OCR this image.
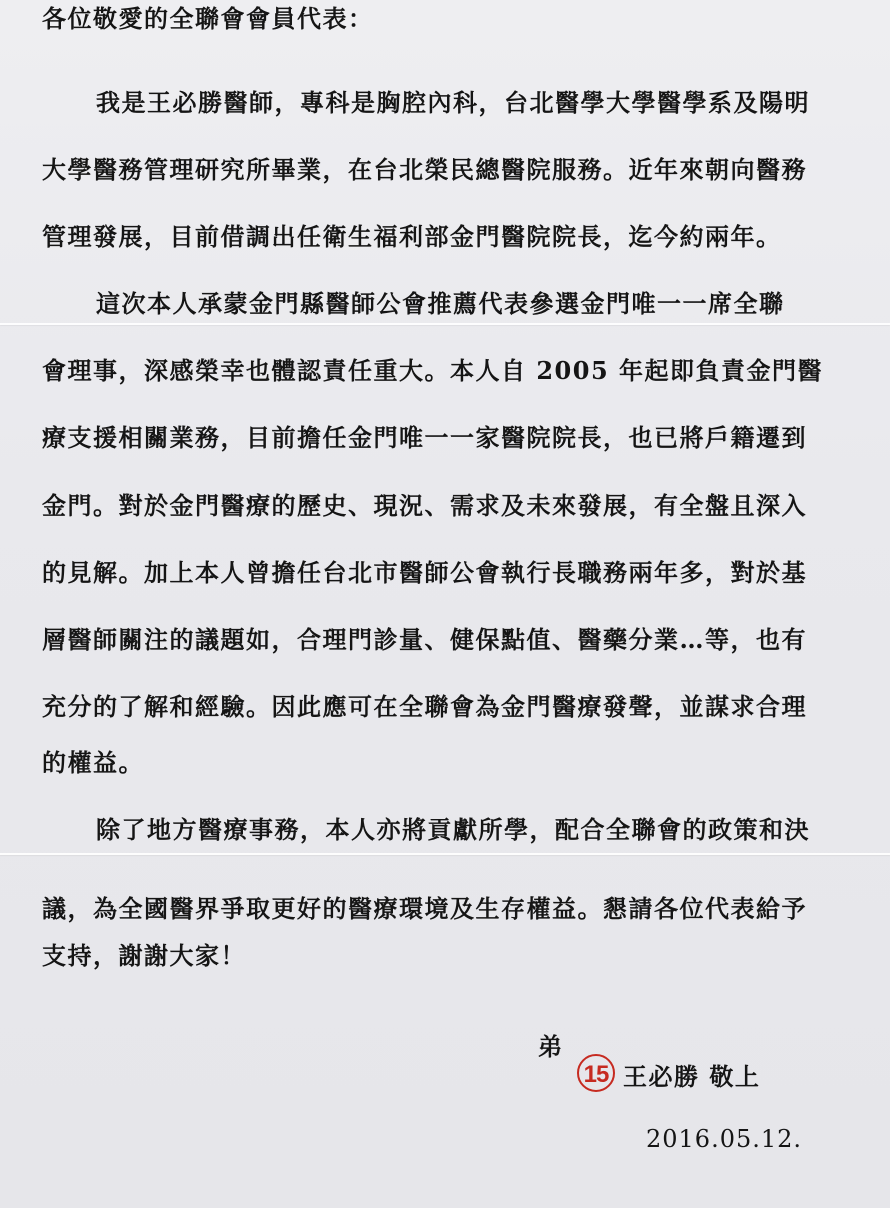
各位敬愛的全聯會會員代表：
我是王必勝醫師，專科是胸腔內科，台北醫學大學醫學系及陽明
大學醫務管理研究所畢業，在台北榮民總醫院服務。近年來朝向醫務
管理發展，目前借調出任衛生福利部金門醫院院長，迄今約兩年。
這次本人承蒙金門縣醫師公會推薦代表參選金門唯一一席全聯
會理事，深感榮幸也體認責任重大。本人自 2005 年起即負責金門醫
療支援相關業務，目前擔任金門唯一一家醫院院長，也已將戶籍遷到
金門。對於金門醫療的歷史、現況、需求及未來發展，有全盤且深入
的見解。加上本人曾擔任台北市醫師公會執行長職務兩年多，對於基
層醫師關注的議題如，合理門診量、健保點值、醫藥分業…等，也有
充分的了解和經驗。因此應可在全聯會為金門醫療發聲，並謀求合理
的權益。
除了地方醫療事務，本人亦將貢獻所學，配合全聯會的政策和決
議，為全國醫界爭取更好的醫療環境及生存權益。懇請各位代表給予
支持，謝謝大家！
弟
15 王必勝 敬上
2016.05.12.
